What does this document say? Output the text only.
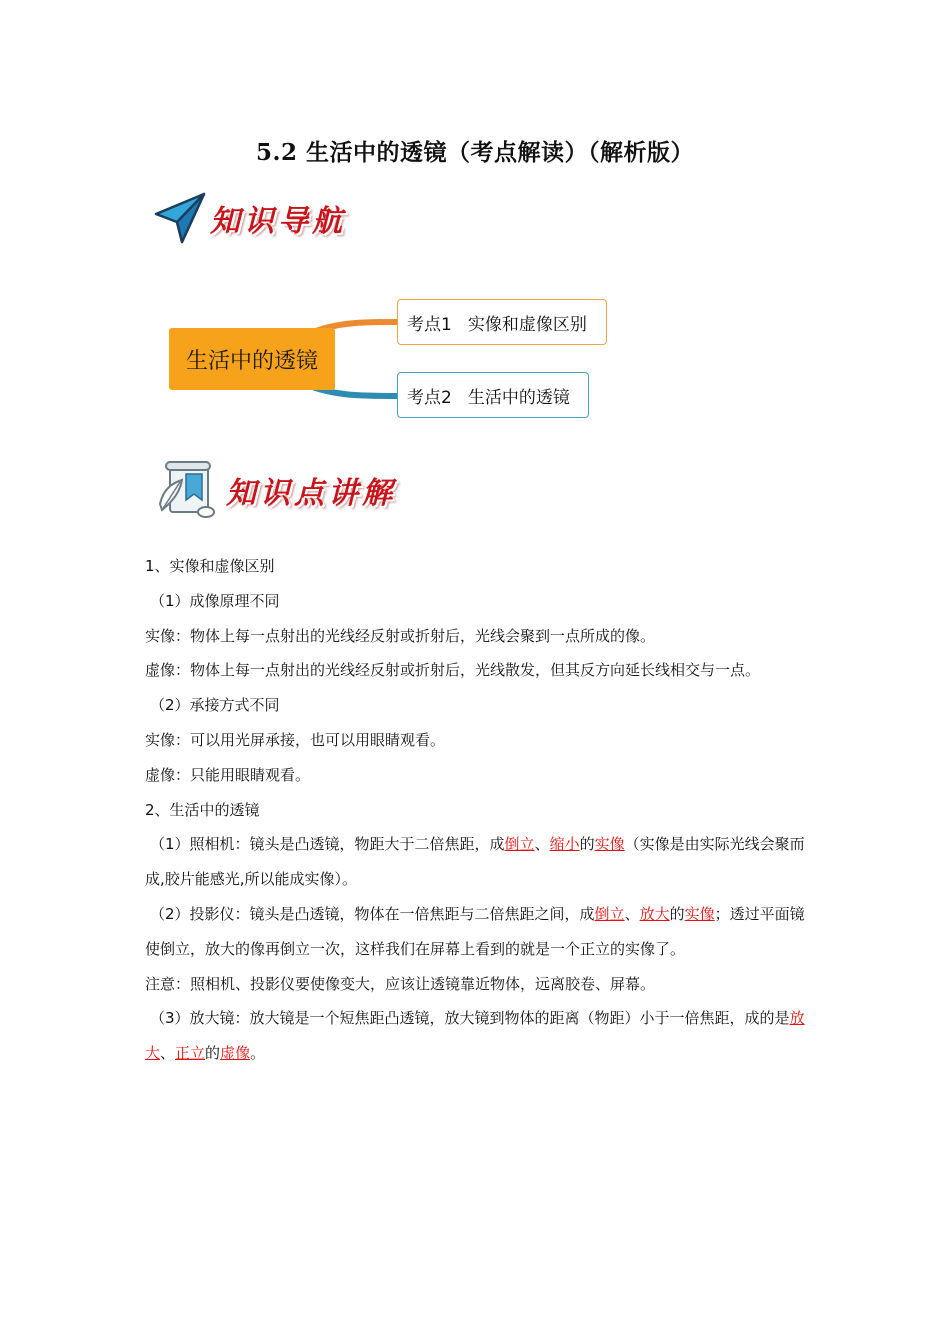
5.2 生活中的透镜（考点解读）（解析版）
知识导航
生活中的透镜
考点1 实像和虚像区别
考点2 生活中的透镜
知识点讲解

1、实像和虚像区别

（1）成像原理不同

实像：物体上每一点射出的光线经反射或折射后，光线会聚到一点所成的像。

虚像：物体上每一点射出的光线经反射或折射后，光线散发，但其反方向延长线相交与一点。

（2）承接方式不同

实像：可以用光屏承接，也可以用眼睛观看。

虚像：只能用眼睛观看。

2、生活中的透镜

（1）照相机：镜头是凸透镜，物距大于二倍焦距，成倒立、缩小的实像（实像是由实际光线会聚而成,胶片能感光,所以能成实像）。

（2）投影仪：镜头是凸透镜，物体在一倍焦距与二倍焦距之间，成倒立、放大的实像；透过平面镜使倒立，放大的像再倒立一次，这样我们在屏幕上看到的就是一个正立的实像了。

注意：照相机、投影仪要使像变大，应该让透镜靠近物体，远离胶卷、屏幕。

（3）放大镜：放大镜是一个短焦距凸透镜，放大镜到物体的距离（物距）小于一倍焦距，成的是放大、正立的虚像。
